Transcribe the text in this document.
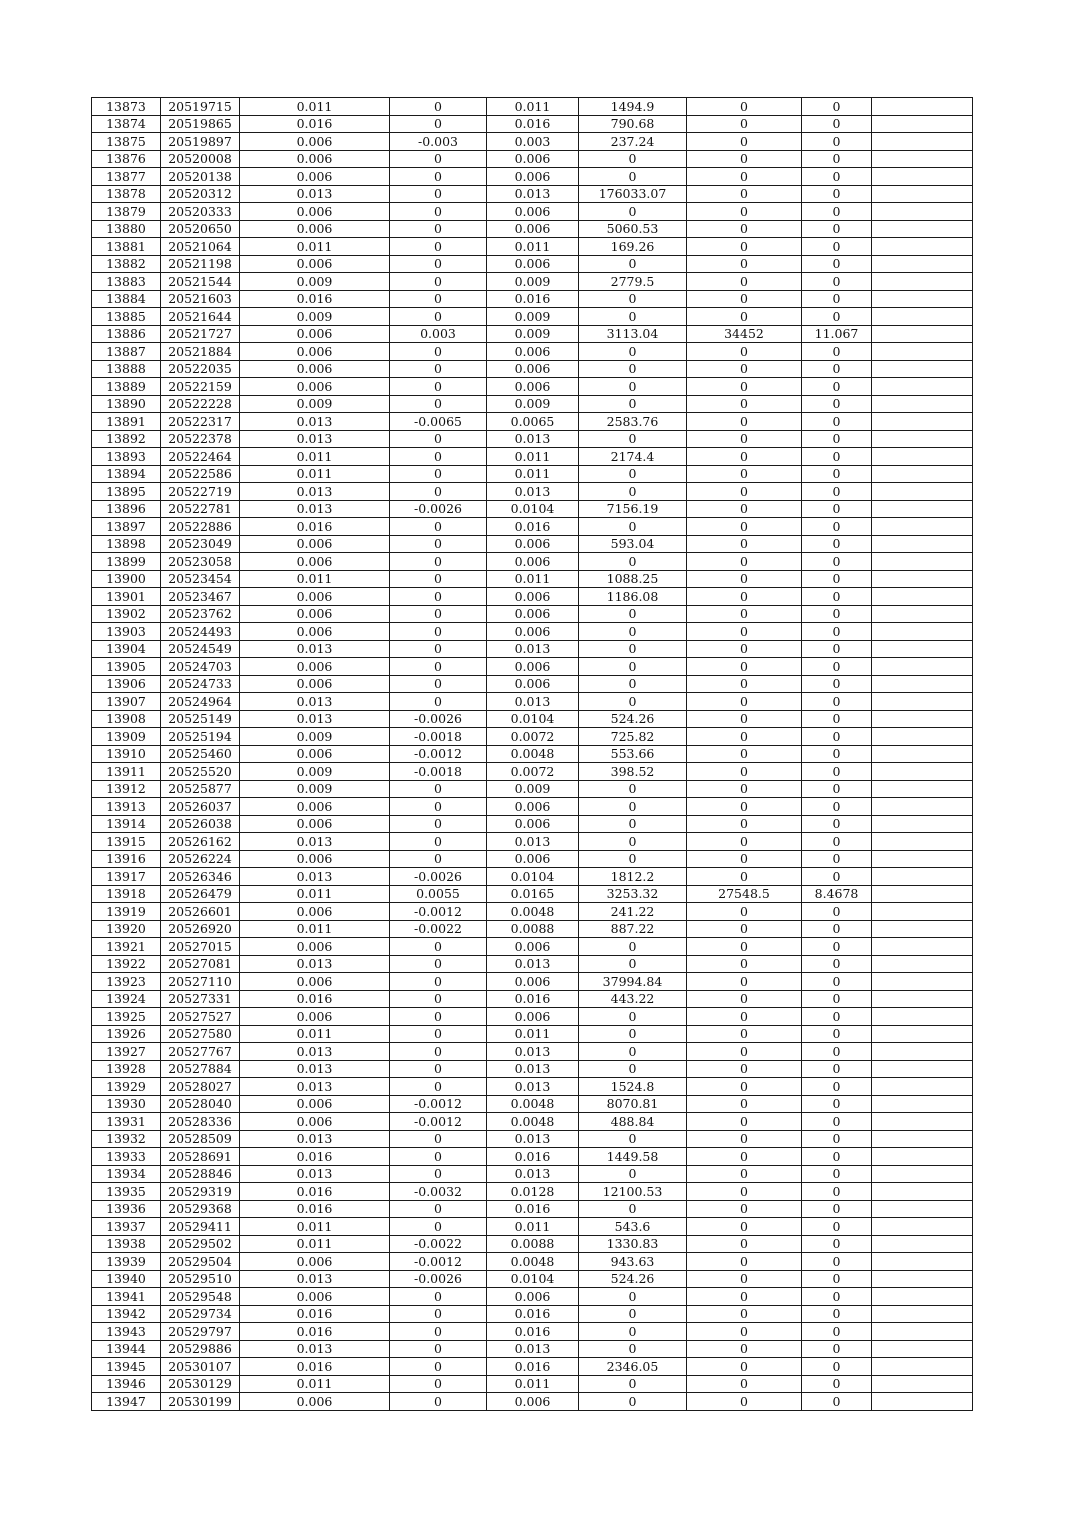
13873	20519715	0.011	0	0.011	1494.9	0	0	
13874	20519865	0.016	0	0.016	790.68	0	0	
13875	20519897	0.006	-0.003	0.003	237.24	0	0	
13876	20520008	0.006	0	0.006	0	0	0	
13877	20520138	0.006	0	0.006	0	0	0	
13878	20520312	0.013	0	0.013	176033.07	0	0	
13879	20520333	0.006	0	0.006	0	0	0	
13880	20520650	0.006	0	0.006	5060.53	0	0	
13881	20521064	0.011	0	0.011	169.26	0	0	
13882	20521198	0.006	0	0.006	0	0	0	
13883	20521544	0.009	0	0.009	2779.5	0	0	
13884	20521603	0.016	0	0.016	0	0	0	
13885	20521644	0.009	0	0.009	0	0	0	
13886	20521727	0.006	0.003	0.009	3113.04	34452	11.067	
13887	20521884	0.006	0	0.006	0	0	0	
13888	20522035	0.006	0	0.006	0	0	0	
13889	20522159	0.006	0	0.006	0	0	0	
13890	20522228	0.009	0	0.009	0	0	0	
13891	20522317	0.013	-0.0065	0.0065	2583.76	0	0	
13892	20522378	0.013	0	0.013	0	0	0	
13893	20522464	0.011	0	0.011	2174.4	0	0	
13894	20522586	0.011	0	0.011	0	0	0	
13895	20522719	0.013	0	0.013	0	0	0	
13896	20522781	0.013	-0.0026	0.0104	7156.19	0	0	
13897	20522886	0.016	0	0.016	0	0	0	
13898	20523049	0.006	0	0.006	593.04	0	0	
13899	20523058	0.006	0	0.006	0	0	0	
13900	20523454	0.011	0	0.011	1088.25	0	0	
13901	20523467	0.006	0	0.006	1186.08	0	0	
13902	20523762	0.006	0	0.006	0	0	0	
13903	20524493	0.006	0	0.006	0	0	0	
13904	20524549	0.013	0	0.013	0	0	0	
13905	20524703	0.006	0	0.006	0	0	0	
13906	20524733	0.006	0	0.006	0	0	0	
13907	20524964	0.013	0	0.013	0	0	0	
13908	20525149	0.013	-0.0026	0.0104	524.26	0	0	
13909	20525194	0.009	-0.0018	0.0072	725.82	0	0	
13910	20525460	0.006	-0.0012	0.0048	553.66	0	0	
13911	20525520	0.009	-0.0018	0.0072	398.52	0	0	
13912	20525877	0.009	0	0.009	0	0	0	
13913	20526037	0.006	0	0.006	0	0	0	
13914	20526038	0.006	0	0.006	0	0	0	
13915	20526162	0.013	0	0.013	0	0	0	
13916	20526224	0.006	0	0.006	0	0	0	
13917	20526346	0.013	-0.0026	0.0104	1812.2	0	0	
13918	20526479	0.011	0.0055	0.0165	3253.32	27548.5	8.4678	
13919	20526601	0.006	-0.0012	0.0048	241.22	0	0	
13920	20526920	0.011	-0.0022	0.0088	887.22	0	0	
13921	20527015	0.006	0	0.006	0	0	0	
13922	20527081	0.013	0	0.013	0	0	0	
13923	20527110	0.006	0	0.006	37994.84	0	0	
13924	20527331	0.016	0	0.016	443.22	0	0	
13925	20527527	0.006	0	0.006	0	0	0	
13926	20527580	0.011	0	0.011	0	0	0	
13927	20527767	0.013	0	0.013	0	0	0	
13928	20527884	0.013	0	0.013	0	0	0	
13929	20528027	0.013	0	0.013	1524.8	0	0	
13930	20528040	0.006	-0.0012	0.0048	8070.81	0	0	
13931	20528336	0.006	-0.0012	0.0048	488.84	0	0	
13932	20528509	0.013	0	0.013	0	0	0	
13933	20528691	0.016	0	0.016	1449.58	0	0	
13934	20528846	0.013	0	0.013	0	0	0	
13935	20529319	0.016	-0.0032	0.0128	12100.53	0	0	
13936	20529368	0.016	0	0.016	0	0	0	
13937	20529411	0.011	0	0.011	543.6	0	0	
13938	20529502	0.011	-0.0022	0.0088	1330.83	0	0	
13939	20529504	0.006	-0.0012	0.0048	943.63	0	0	
13940	20529510	0.013	-0.0026	0.0104	524.26	0	0	
13941	20529548	0.006	0	0.006	0	0	0	
13942	20529734	0.016	0	0.016	0	0	0	
13943	20529797	0.016	0	0.016	0	0	0	
13944	20529886	0.013	0	0.013	0	0	0	
13945	20530107	0.016	0	0.016	2346.05	0	0	
13946	20530129	0.011	0	0.011	0	0	0	
13947	20530199	0.006	0	0.006	0	0	0	
